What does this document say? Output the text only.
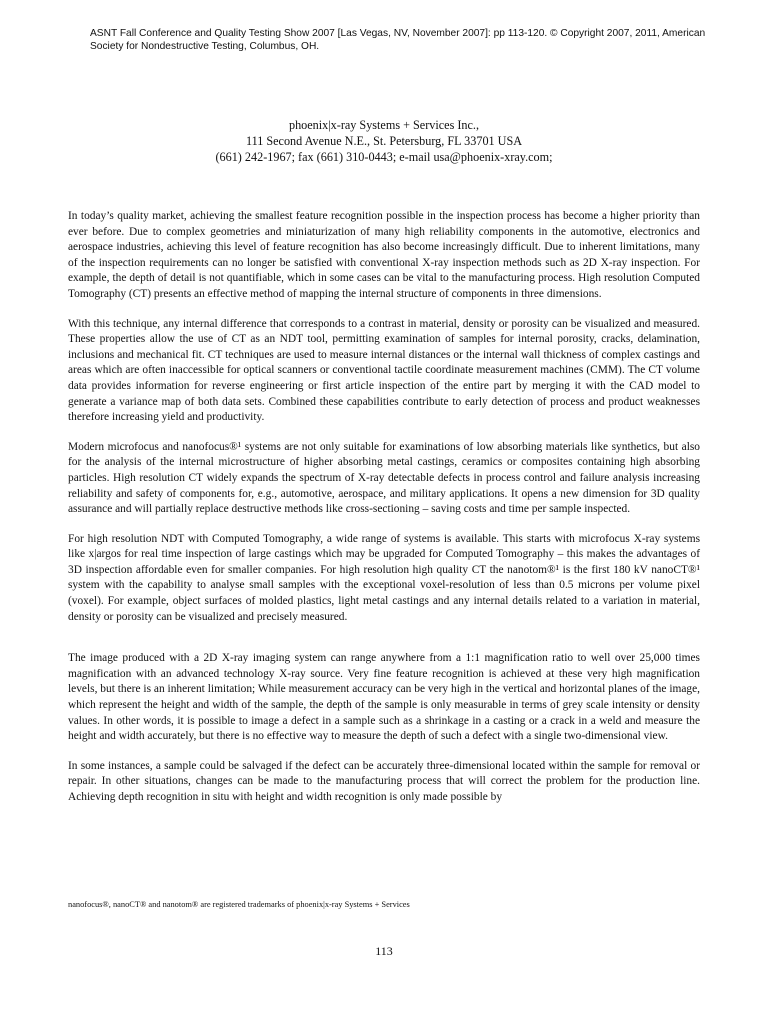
ASNT Fall Conference and Quality Testing Show 2007 [Las Vegas, NV, November 2007]: pp 113-120. © Copyright 2007, 2011, American Society for Nondestructive Testing, Columbus, OH.
phoenix|x-ray Systems + Services Inc.,
111 Second Avenue N.E., St. Petersburg, FL 33701 USA
(661) 242-1967; fax (661) 310-0443; e-mail usa@phoenix-xray.com;

In today’s quality market, achieving the smallest feature recognition possible in the inspection process has become a higher priority than ever before. Due to complex geometries and miniaturization of many high reliability components in the automotive, electronics and aerospace industries, achieving this level of feature recognition has also become increasingly difficult. Due to inherent limitations, many of the inspection requirements can no longer be satisfied with conventional X-ray inspection methods such as 2D X-ray inspection. For example, the depth of detail is not quantifiable, which in some cases can be vital to the manufacturing process. High resolution Computed Tomography (CT) presents an effective method of mapping the internal structure of components in three dimensions.

With this technique, any internal difference that corresponds to a contrast in material, density or porosity can be visualized and measured. These properties allow the use of CT as an NDT tool, permitting examination of samples for internal porosity, cracks, delamination, inclusions and mechanical fit. CT techniques are used to measure internal distances or the internal wall thickness of complex castings and areas which are often inaccessible for optical scanners or conventional tactile coordinate measurement machines (CMM). The CT volume data provides information for reverse engineering or first article inspection of the entire part by merging it with the CAD model to generate a variance map of both data sets. Combined these capabilities contribute to early detection of process and product weaknesses therefore increasing yield and productivity.

Modern microfocus and nanofocus®¹ systems are not only suitable for examinations of low absorbing materials like synthetics, but also for the analysis of the internal microstructure of higher absorbing metal castings, ceramics or composites containing high absorbing particles. High resolution CT widely expands the spectrum of X-ray detectable defects in process control and failure analysis increasing reliability and safety of components for, e.g., automotive, aerospace, and military applications. It opens a new dimension for 3D quality assurance and will partially replace destructive methods like cross-sectioning – saving costs and time per sample inspected.

For high resolution NDT with Computed Tomography, a wide range of systems is available. This starts with microfocus X-ray systems like x|argos for real time inspection of large castings which may be upgraded for Computed Tomography – this makes the advantages of 3D inspection affordable even for smaller companies. For high resolution high quality CT the nanotom®¹ is the first 180 kV nanoCT®¹ system with the capability to analyse small samples with the exceptional voxel-resolution of less than 0.5 microns per volume pixel (voxel). For example, object surfaces of molded plastics, light metal castings and any internal details related to a variation in material, density or porosity can be visualized and precisely measured.

The image produced with a 2D X-ray imaging system can range anywhere from a 1:1 magnification ratio to well over 25,000 times magnification with an advanced technology X-ray source. Very fine feature recognition is achieved at these very high magnification levels, but there is an inherent limitation; While measurement accuracy can be very high in the vertical and horizontal planes of the image, which represent the height and width of the sample, the depth of the sample is only measurable in terms of grey scale intensity or density values. In other words, it is possible to image a defect in a sample such as a shrinkage in a casting or a crack in a weld and measure the height and width accurately, but there is no effective way to measure the depth of such a defect with a single two-dimensional view.

In some instances, a sample could be salvaged if the defect can be accurately three-dimensional located within the sample for removal or repair. In other situations, changes can be made to the manufacturing process that will correct the problem for the production line. Achieving depth recognition in situ with height and width recognition is only made possible by

nanofocus®, nanoCT® and nanotom® are registered trademarks of phoenix|x-ray Systems + Services
113
